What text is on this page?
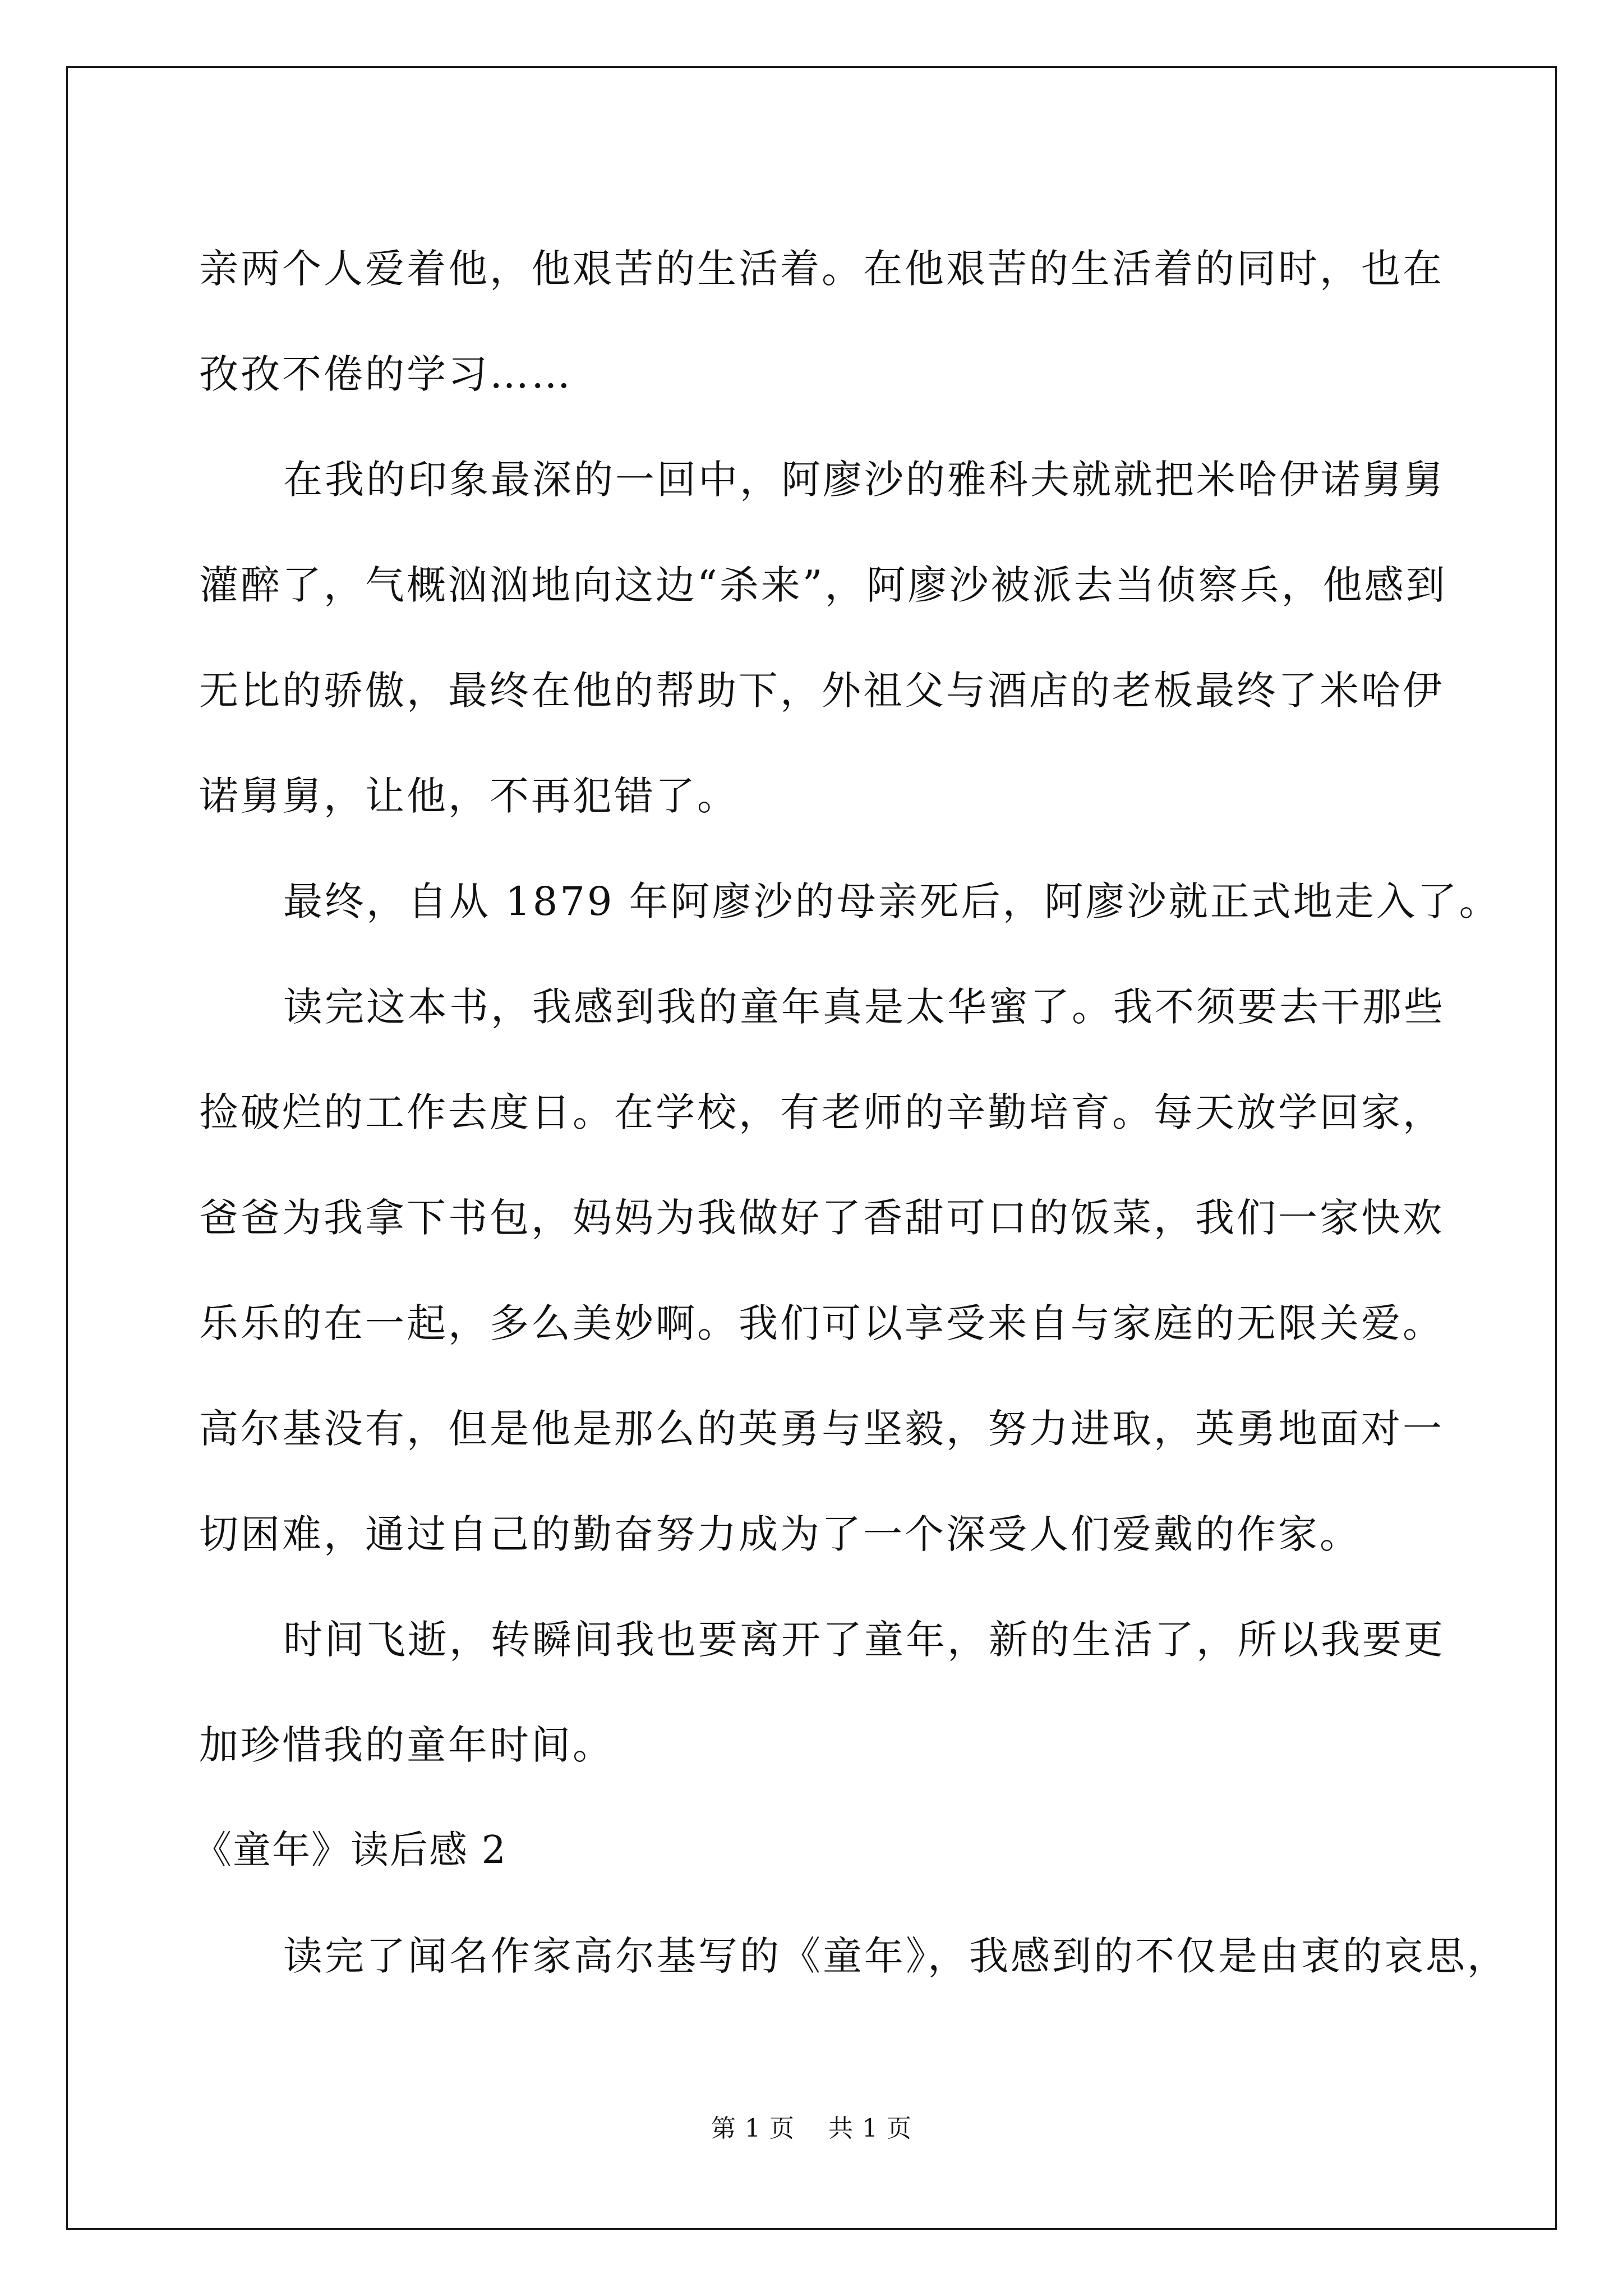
亲两个人爱着他，他艰苦的生活着。在他艰苦的生活着的同时，也在
孜孜不倦的学习……
在我的印象最深的一回中，阿廖沙的雅科夫就就把米哈伊诺舅舅
灌醉了，气概汹汹地向这边“杀来”，阿廖沙被派去当侦察兵，他感到
无比的骄傲，最终在他的帮助下，外祖父与酒店的老板最终了米哈伊
诺舅舅，让他，不再犯错了。
最终，自从 1879 年阿廖沙的母亲死后，阿廖沙就正式地走入了。
读完这本书，我感到我的童年真是太华蜜了。我不须要去干那些
捡破烂的工作去度日。在学校，有老师的辛勤培育。每天放学回家，
爸爸为我拿下书包，妈妈为我做好了香甜可口的饭菜，我们一家快欢
乐乐的在一起，多么美妙啊。我们可以享受来自与家庭的无限关爱。
高尔基没有，但是他是那么的英勇与坚毅，努力进取，英勇地面对一
切困难，通过自己的勤奋努力成为了一个深受人们爱戴的作家。
时间飞逝，转瞬间我也要离开了童年，新的生活了，所以我要更
加珍惜我的童年时间。
《童年》读后感 2
读完了闻名作家高尔基写的《童年》，我感到的不仅是由衷的哀思，
第 1 页 共 1 页
